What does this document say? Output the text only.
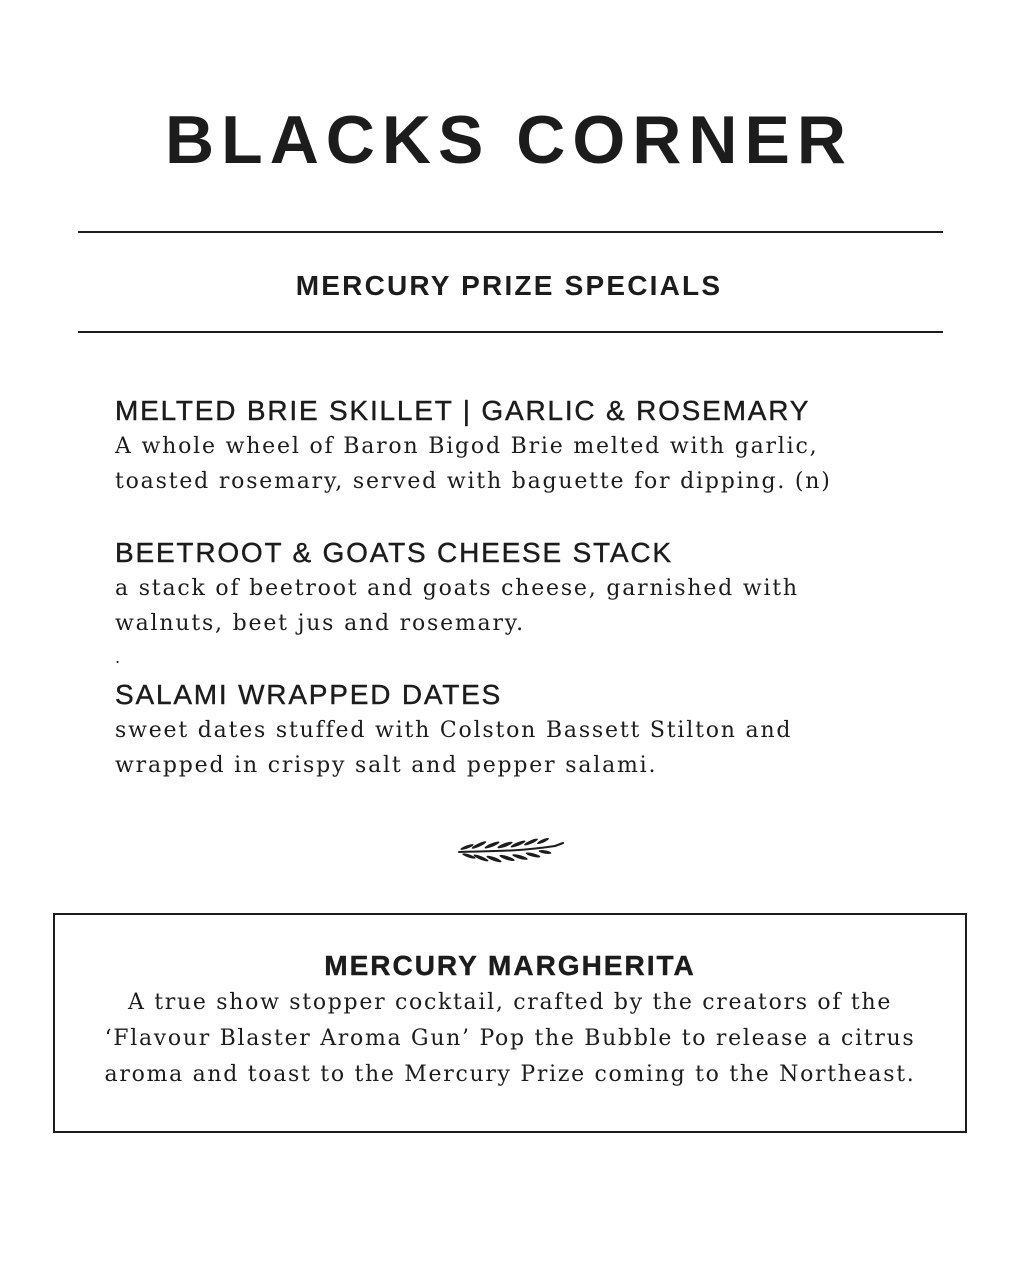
BLACKS CORNER
MERCURY PRIZE SPECIALS
MELTED BRIE SKILLET | GARLIC & ROSEMARY

A whole wheel of Baron Bigod Brie melted with garlic,
toasted rosemary, served with baguette for dipping. (n)

BEETROOT & GOATS CHEESE STACK

a stack of beetroot and goats cheese, garnished with
walnuts, beet jus and rosemary.

.
SALAMI WRAPPED DATES

sweet dates stuffed with Colston Bassett Stilton and
wrapped in crispy salt and pepper salami.

MERCURY MARGHERITA

A true show stopper cocktail, crafted by the creators of the
‘Flavour Blaster Aroma Gun’ Pop the Bubble to release a citrus
aroma and toast to the Mercury Prize coming to the Northeast.
